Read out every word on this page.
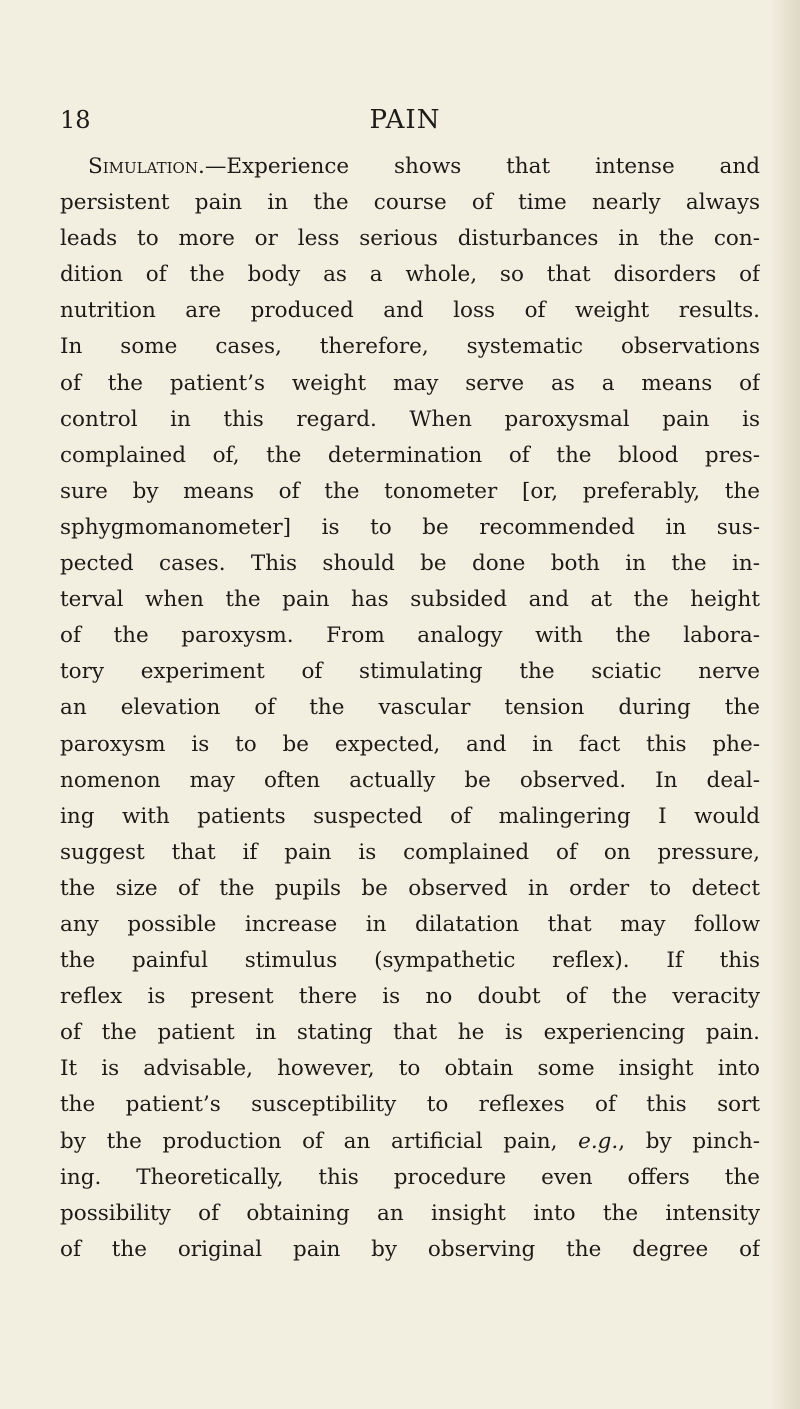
18	PAIN
Simulation.—Experience shows that intense and
persistent pain in the course of time nearly always
leads to more or less serious disturbances in the con-
dition of the body as a whole, so that disorders of
nutrition are produced and loss of weight results.
In some cases, therefore, systematic observations
of the patient’s weight may serve as a means of
control in this regard. When paroxysmal pain is
complained of, the determination of the blood pres-
sure by means of the tonometer [or, preferably, the
sphygmomanometer] is to be recommended in sus-
pected cases. This should be done both in the in-
terval when the pain has subsided and at the height
of the paroxysm. From analogy with the labora-
tory experiment of stimulating the sciatic nerve
an elevation of the vascular tension during the
paroxysm is to be expected, and in fact this phe-
nomenon may often actually be observed. In deal-
ing with patients suspected of malingering I would
suggest that if pain is complained of on pressure,
the size of the pupils be observed in order to detect
any possible increase in dilatation that may follow
the painful stimulus (sympathetic reflex). If this
reflex is present there is no doubt of the veracity
of the patient in stating that he is experiencing pain.
It is advisable, however, to obtain some insight into
the patient’s susceptibility to reflexes of this sort
by the production of an artificial pain, e.g., by pinch-
ing. Theoretically, this procedure even offers the
possibility of obtaining an insight into the intensity
of the original pain by observing the degree of
